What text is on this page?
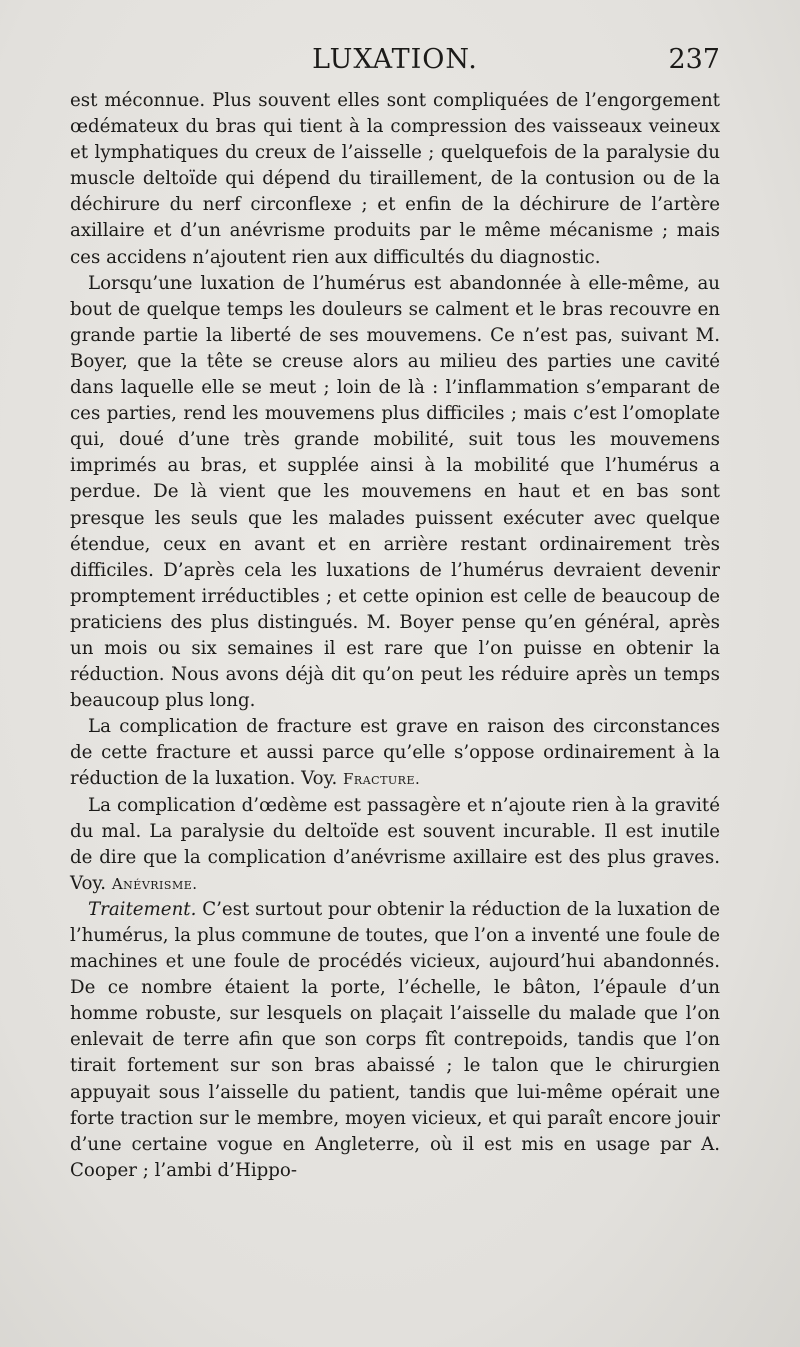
LUXATION.	237

est méconnue. Plus souvent elles sont compliquées de l’engorgement œdémateux du bras qui tient à la compression des vaisseaux veineux et lymphatiques du creux de l’aisselle ; quelquefois de la paralysie du muscle deltoïde qui dépend du tiraillement, de la contusion ou de la déchirure du nerf circonflexe ; et enfin de la déchirure de l’artère axillaire et d’un anévrisme produits par le même mécanisme ; mais ces accidens n’ajoutent rien aux difficultés du diagnostic.

Lorsqu’une luxation de l’humérus est abandonnée à elle-même, au bout de quelque temps les douleurs se calment et le bras recouvre en grande partie la liberté de ses mouvemens. Ce n’est pas, suivant M. Boyer, que la tête se creuse alors au milieu des parties une cavité dans laquelle elle se meut ; loin de là : l’inflammation s’emparant de ces parties, rend les mouvemens plus difficiles ; mais c’est l’omoplate qui, doué d’une très grande mobilité, suit tous les mouvemens imprimés au bras, et supplée ainsi à la mobilité que l’humérus a perdue. De là vient que les mouvemens en haut et en bas sont presque les seuls que les malades puissent exécuter avec quelque étendue, ceux en avant et en arrière restant ordinairement très difficiles. D’après cela les luxations de l’humérus devraient devenir promptement irréductibles ; et cette opinion est celle de beaucoup de praticiens des plus distingués. M. Boyer pense qu’en général, après un mois ou six semaines il est rare que l’on puisse en obtenir la réduction. Nous avons déjà dit qu’on peut les réduire après un temps beaucoup plus long.

La complication de fracture est grave en raison des circonstances de cette fracture et aussi parce qu’elle s’oppose ordinairement à la réduction de la luxation. Voy. Fracture.

La complication d’œdème est passagère et n’ajoute rien à la gravité du mal. La paralysie du deltoïde est souvent incurable. Il est inutile de dire que la complication d’anévrisme axillaire est des plus graves. Voy. Anévrisme.

Traitement. C’est surtout pour obtenir la réduction de la luxation de l’humérus, la plus commune de toutes, que l’on a inventé une foule de machines et une foule de procédés vicieux, aujourd’hui abandonnés. De ce nombre étaient la porte, l’échelle, le bâton, l’épaule d’un homme robuste, sur lesquels on plaçait l’aisselle du malade que l’on enlevait de terre afin que son corps fît contrepoids, tandis que l’on tirait fortement sur son bras abaissé ; le talon que le chirurgien appuyait sous l’aisselle du patient, tandis que lui-même opérait une forte traction sur le membre, moyen vicieux, et qui paraît encore jouir d’une certaine vogue en Angleterre, où il est mis en usage par A. Cooper ; l’ambi d’Hippo-
